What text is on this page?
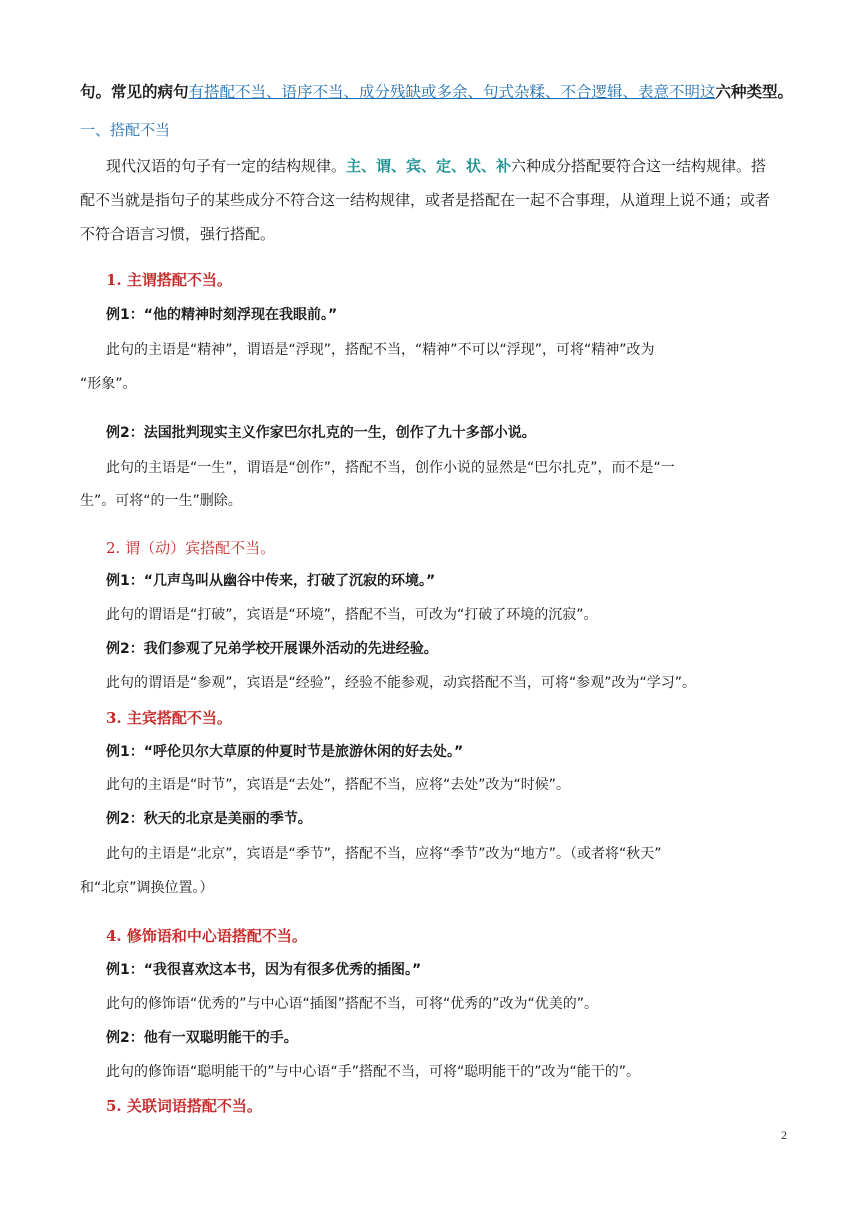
句。常见的病句有搭配不当、语序不当、成分残缺或多余、句式杂糅、不合逻辑、表意不明这六种类型。
一、搭配不当
现代汉语的句子有一定的结构规律。主、谓、宾、定、状、补六种成分搭配要符合这一结构规律。搭
配不当就是指句子的某些成分不符合这一结构规律，或者是搭配在一起不合事理，从道理上说不通；或者
不符合语言习惯，强行搭配。
1. 主谓搭配不当。
例1：“他的精神时刻浮现在我眼前。”
此句的主语是“精神”，谓语是“浮现”，搭配不当，“精神”不可以“浮现”，可将“精神”改为
“形象”。
例2：法国批判现实主义作家巴尔扎克的一生，创作了九十多部小说。
此句的主语是“一生”，谓语是“创作”，搭配不当，创作小说的显然是“巴尔扎克”，而不是“一
生”。可将“的一生”删除。
2. 谓（动）宾搭配不当。
例1：“几声鸟叫从幽谷中传来，打破了沉寂的环境。”
此句的谓语是“打破”，宾语是“环境”，搭配不当，可改为“打破了环境的沉寂”。
例2：我们参观了兄弟学校开展课外活动的先进经验。
此句的谓语是“参观”，宾语是“经验”，经验不能参观，动宾搭配不当，可将“参观”改为“学习”。
3. 主宾搭配不当。
例1：“呼伦贝尔大草原的仲夏时节是旅游休闲的好去处。”
此句的主语是“时节”，宾语是“去处”，搭配不当，应将“去处”改为“时候”。
例2：秋天的北京是美丽的季节。
此句的主语是“北京”，宾语是“季节”，搭配不当，应将“季节”改为“地方”。（或者将“秋天”
和“北京”调换位置。）
4. 修饰语和中心语搭配不当。
例1：“我很喜欢这本书，因为有很多优秀的插图。”
此句的修饰语“优秀的”与中心语“插图”搭配不当，可将“优秀的”改为“优美的”。
例2：他有一双聪明能干的手。
此句的修饰语“聪明能干的”与中心语“手”搭配不当，可将“聪明能干的”改为“能干的”。
5. 关联词语搭配不当。
2
